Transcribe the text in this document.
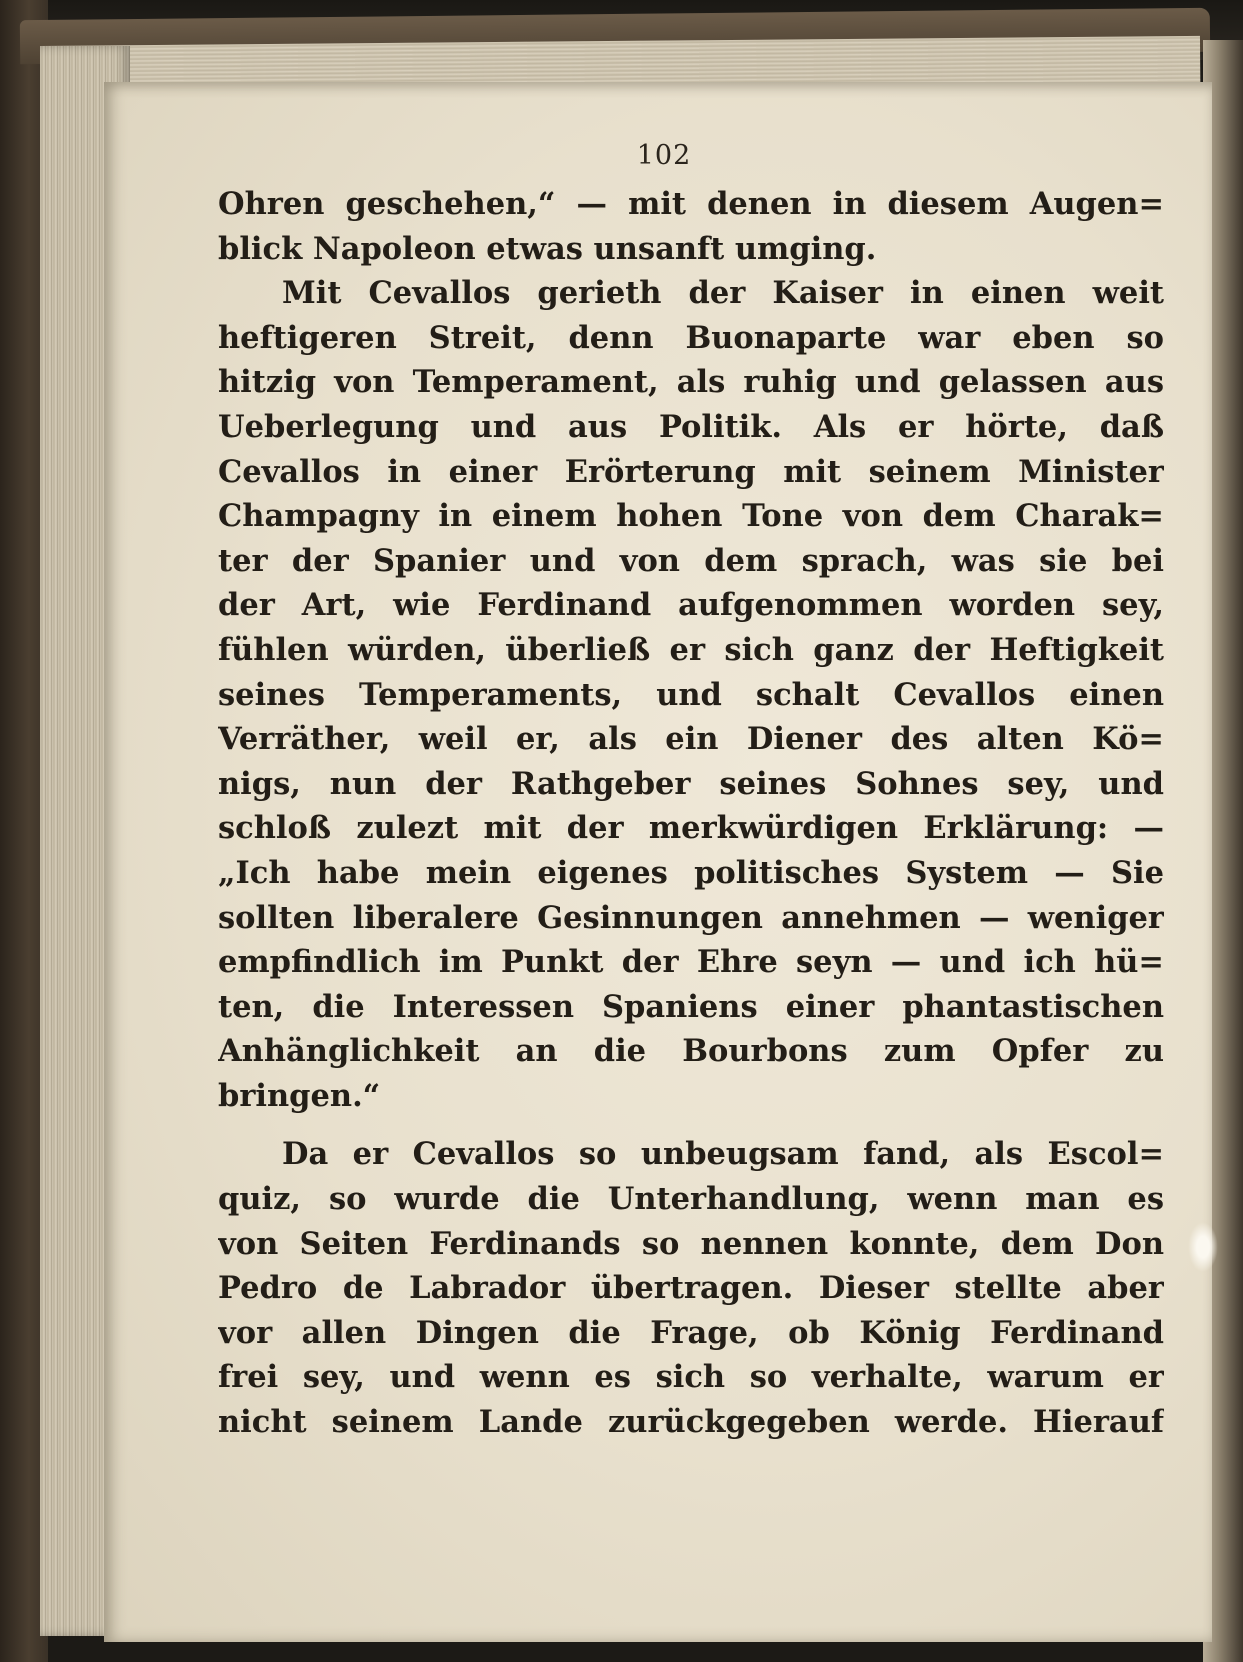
102
Ohren geschehen,“ — mit denen in diesem Augen=
blick Napoleon etwas unsanft umging.
Mit Cevallos gerieth der Kaiser in einen weit
heftigeren Streit, denn Buonaparte war eben so
hitzig von Temperament, als ruhig und gelassen aus
Ueberlegung und aus Politik. Als er hörte, daß
Cevallos in einer Erörterung mit seinem Minister
Champagny in einem hohen Tone von dem Charak=
ter der Spanier und von dem sprach, was sie bei
der Art, wie Ferdinand aufgenommen worden sey,
fühlen würden, überließ er sich ganz der Heftigkeit
seines Temperaments, und schalt Cevallos einen
Verräther, weil er, als ein Diener des alten Kö=
nigs, nun der Rathgeber seines Sohnes sey, und
schloß zulezt mit der merkwürdigen Erklärung: —
„Ich habe mein eigenes politisches System — Sie
sollten liberalere Gesinnungen annehmen — weniger
empfindlich im Punkt der Ehre seyn — und ich hü=
ten, die Interessen Spaniens einer phantastischen
Anhänglichkeit an die Bourbons zum Opfer zu
bringen.“
Da er Cevallos so unbeugsam fand, als Escol=
quiz, so wurde die Unterhandlung, wenn man es
von Seiten Ferdinands so nennen konnte, dem Don
Pedro de Labrador übertragen. Dieser stellte aber
vor allen Dingen die Frage, ob König Ferdinand
frei sey, und wenn es sich so verhalte, warum er
nicht seinem Lande zurückgegeben werde. Hierauf
